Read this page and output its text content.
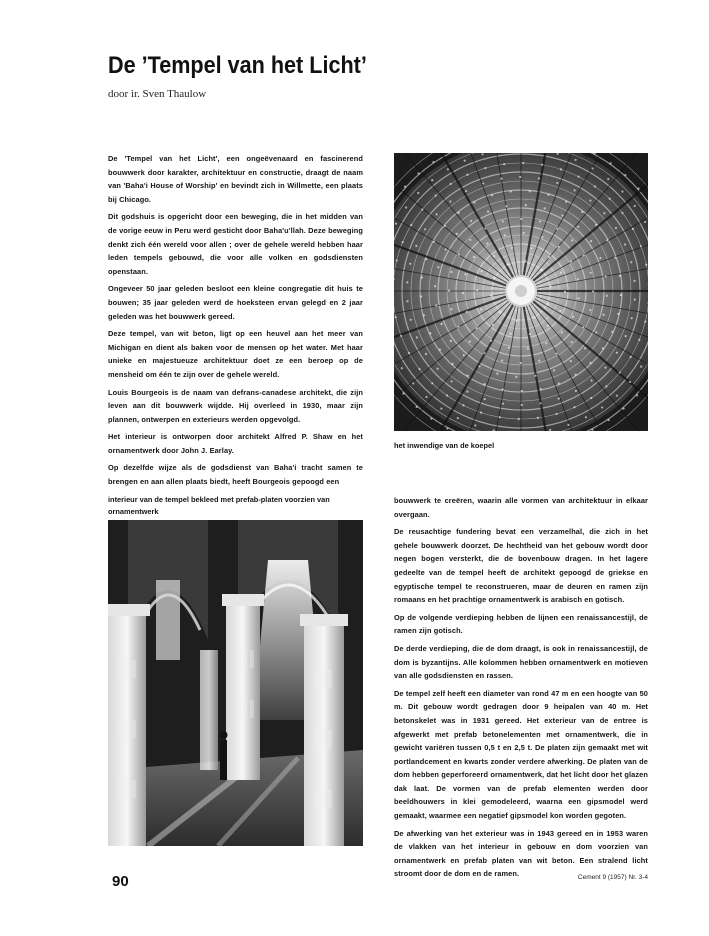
De ’Tempel van het Licht’
door ir. Sven Thaulow

De 'Tempel van het Licht', een ongeëvenaard en fascinerend bouwwerk door karakter, architektuur en constructie, draagt de naam van 'Baha'i House of Worship' en bevindt zich in Willmette, een plaats bij Chicago.

Dit godshuis is opgericht door een beweging, die in het midden van de vorige eeuw in Peru werd gesticht door Baha'u'llah. Deze beweging denkt zich één wereld voor allen ; over de gehele wereld hebben haar leden tempels gebouwd, die voor alle volken en godsdiensten openstaan.

Ongeveer 50 jaar geleden besloot een kleine congregatie dit huis te bouwen; 35 jaar geleden werd de hoeksteen ervan gelegd en 2 jaar geleden was het bouwwerk gereed.

Deze tempel, van wit beton, ligt op een heuvel aan het meer van Michigan en dient als baken voor de mensen op het water. Met haar unieke en majestueuze architektuur doet ze een beroep op de mensheid om één te zijn over de gehele wereld.

Louis Bourgeois is de naam van defrans-canadese architekt, die zijn leven aan dit bouwwerk wijdde. Hij overleed in 1930, maar zijn plannen, ontwerpen en exterieurs werden opgevolgd.

Het interieur is ontworpen door architekt Alfred P. Shaw en het ornamentwerk door John J. Earlay.

Op dezelfde wijze als de godsdienst van Baha'i tracht samen te brengen en aan allen plaats biedt, heeft Bourgeois gepoogd een

het inwendige van de koepel
interieur van de tempel bekleed met prefab-platen voorzien van ornamentwerk

bouwwerk te creëren, waarin alle vormen van architektuur in elkaar overgaan.

De reusachtige fundering bevat een verzamelhal, die zich in het gehele bouwwerk doorzet. De hechtheid van het gebouw wordt door negen bogen versterkt, die de bovenbouw dragen. In het lagere gedeelte van de tempel heeft de architekt gepoogd de griekse en egyptische tempel te reconstrueren, maar de deuren en ramen zijn romaans en het prachtige ornamentwerk is arabisch en gotisch.

Op de volgende verdieping hebben de lijnen een renaissancestijl, de ramen zijn gotisch.

De derde verdieping, die de dom draagt, is ook in renaissancestijl, de dom is byzantijns. Alle kolommen hebben ornamentwerk en motieven van alle godsdiensten en rassen.

De tempel zelf heeft een diameter van rond 47 m en een hoogte van 50 m. Dit gebouw wordt gedragen door 9 heipalen van 40 m. Het betonskelet was in 1931 gereed. Het exterieur van de entree is afgewerkt met prefab betonelementen met ornamentwerk, die in gewicht variëren tussen 0,5 t en 2,5 t. De platen zijn gemaakt met wit portlandcement en kwarts zonder verdere afwerking. De platen van de dom hebben geperforeerd ornamentwerk, dat het licht door het glazen dak laat. De vormen van de prefab elementen werden door beeldhouwers in klei gemodeleerd, waarna een gipsmodel werd gemaakt, waarmee een negatief gipsmodel kon worden gegoten.

De afwerking van het exterieur was in 1943 gereed en in 1953 waren de vlakken van het interieur in gebouw en dom voorzien van ornamentwerk en prefab platen van wit beton. Een stralend licht stroomt door de dom en de ramen.

90	Cement 9 (1957) Nr. 3-4
